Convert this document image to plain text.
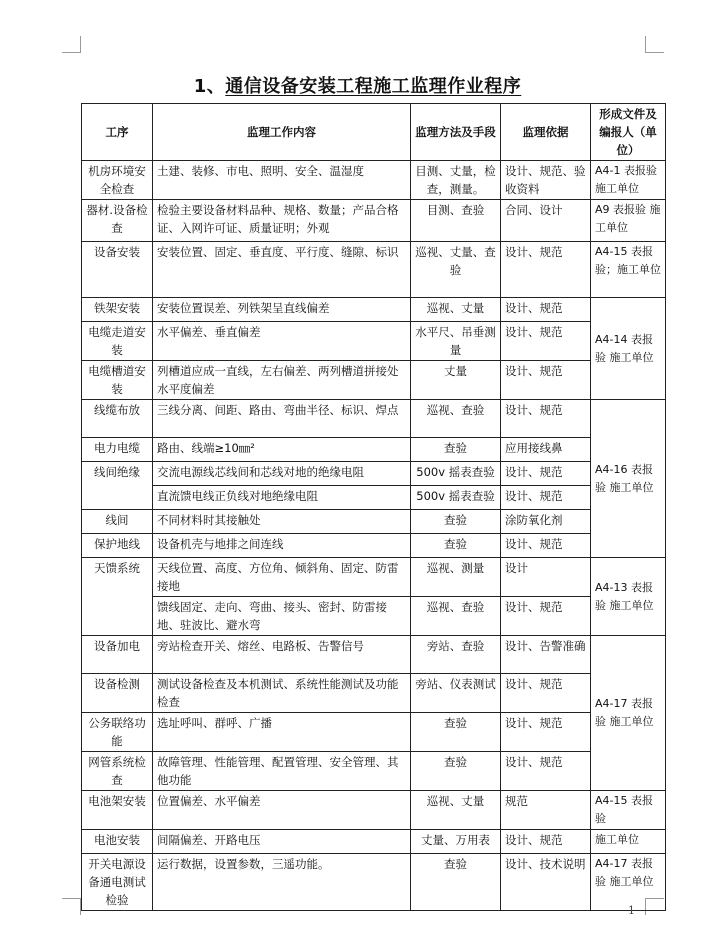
1、通信设备安装工程施工监理作业程序
工序	监理工作内容	监理方法及手段	监理依据	形成文件及编报人（单位）
机房环境安全检查	土建、装修、市电、照明、安全、温湿度	目测、丈量，检查，测量。	设计、规范、验收资料	A4-1 表报验 施工单位
器材.设备检查	检验主要设备材料品种、规格、数量；产品合格证、入网许可证、质量证明；外观	目测、查验	合同、设计	A9 表报验 施工单位
设备安装	安装位置、固定、垂直度、平行度、缝隙、标识	巡视、丈量、查验	设计、规范	A4-15 表报验；施工单位
铁架安装	安装位置误差、列铁架呈直线偏差	巡视、丈量	设计、规范	A4-14 表报验 施工单位
电缆走道安装	水平偏差、垂直偏差	水平尺、吊垂测量	设计、规范	
电缆槽道安装	列槽道应成一直线，左右偏差、两列槽道拼接处水平度偏差	丈量	设计、规范	
线缆布放	三线分离、间距、路由、弯曲半径、标识、焊点	巡视、查验	设计、规范	A4-16 表报验 施工单位
电力电缆	路由、线端≥10㎜²	查验	应用接线鼻	
线间绝缘	交流电源线芯线间和芯线对地的绝缘电阻	500v 摇表查验	设计、规范	
	直流馈电线正负线对地绝缘电阻	500v 摇表查验	设计、规范	
线间	不同材料时其接触处	查验	涂防氧化剂	
保护地线	设备机壳与地排之间连线	查验	设计、规范	
天馈系统	天线位置、高度、方位角、倾斜角、固定、防雷接地	巡视、测量	设计	A4-13 表报验 施工单位
	馈线固定、走向、弯曲、接头、密封、防雷接地、驻波比、避水弯	巡视、查验	设计、规范	
设备加电	旁站检查开关、熔丝、电路板、告警信号	旁站、查验	设计、告警准确	A4-17 表报验 施工单位
设备检测	测试设备检查及本机测试、系统性能测试及功能检查	旁站、仪表测试	设计、规范	
公务联络功能	选址呼叫、群呼、广播	查验	设计、规范	
网管系统检查	故障管理、性能管理、配置管理、安全管理、其他功能	查验	设计、规范	
电池架安装	位置偏差、水平偏差	巡视、丈量	规范	A4-15 表报验
电池安装	间隔偏差、开路电压	丈量、万用表	设计、规范	施工单位
开关电源设备通电测试检验	运行数据，设置参数，三遥功能。	查验	设计、技术说明	A4-17 表报验 施工单位
1
